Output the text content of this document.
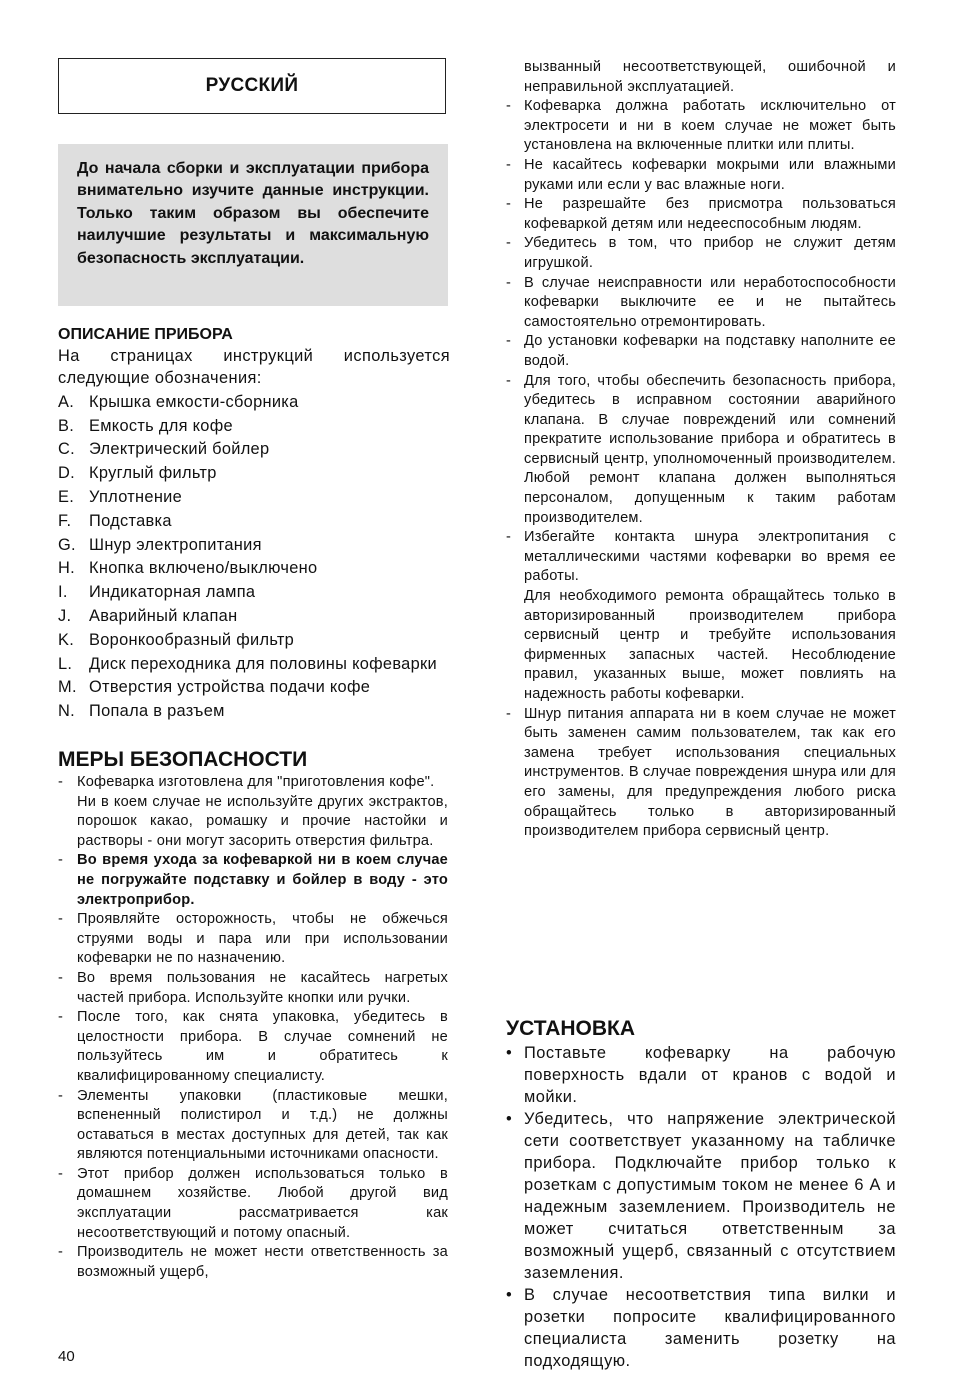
РУССКИЙ
До начала сборки и эксплуатации прибора внимательно изучите данные инструкции. Только таким образом вы обеспечите наилучшие результаты и максимальную безопасность эксплуатации.

ОПИСАНИЕ ПРИБОРА

На страницах инструкций используется следующие обозначения:

A. Крышка емкости-сборника
B. Емкость для кофе
C. Электрический бойлер
D. Круглый фильтр
E. Уплотнение
F.	Подставка
G. Шнур электропитания
H. Кнопка включено/выключено
I.	Индикаторная лампа
J.	Аварийный клапан
K. Воронкообразный фильтр
L.	Диск переходника для половины кофеварки
M. Отверстия устройства подачи кофе
N. Попала в разъем

МЕРЫ БЕЗОПАСНОСТИ

- Кофеварка изготовлена для "приготовления кофе".
Ни в коем случае не используйте других экстрактов, порошок какао, ромашку и прочие настойки и растворы - они могут засорить отверстия фильтра.
- Во время ухода за кофеваркой ни в коем случае не погружайте подставку и бойлер в воду - это электроприбор.
- Проявляйте осторожность, чтобы не обжечься струями воды и пара или при использовании кофеварки не по назначению.
- Во время пользования не касайтесь нагретых частей прибора. Используйте кнопки или ручки.
- После того, как снята упаковка, убедитесь в целостности прибора. В случае сомнений не пользуйтесь им и обратитесь к квалифицированному специалисту.
- Элементы упаковки (пластиковые мешки, вспененный полистирол и т.д.) не должны оставаться в местах доступных для детей, так как являются потенциальными источниками опасности.
- Этот прибор должен использоваться только в домашнем хозяйстве. Любой другой вид эксплуатации рассматривается как несоответствующий и потому опасный.
- Производитель не может нести ответственность за возможный ущерб,
вызванный несоответствующей, ошибочной и неправильной эксплуатацией.
- Кофеварка должна работать исключительно от электросети и ни в коем случае не может быть установлена на включенные плитки или плиты.
- Не касайтесь кофеварки мокрыми или влажными руками или если у вас влажные ноги.
- Не разрешайте без присмотра пользоваться кофеваркой детям или недееспособным людям.
- Убедитесь в том, что прибор не служит детям игрушкой.
- В случае неисправности или неработоспособности кофеварки выключите ее и не пытайтесь самостоятельно отремонтировать.
- До установки кофеварки на подставку наполните ее водой.
- Для того, чтобы обеспечить безопасность прибора, убедитесь в исправном состоянии аварийного клапана. В случае повреждений или сомнений прекратите использование прибора и обратитесь в сервисный центр, уполномоченный производителем. Любой ремонт клапана должен выполняться персоналом, допущенным к таким работам производителем.
- Избегайте контакта шнура электропитания с металлическими частями кофеварки во время ее работы.
Для необходимого ремонта обращайтесь только в авторизированный производителем прибора сервисный центр и требуйте использования фирменных запасных частей. Несоблюдение правил, указанных выше, может повлиять на надежность работы кофеварки.
- Шнур питания аппарата ни в коем случае не может быть заменен самим пользователем, так как его замена требует использования специальных инструментов. В случае повреждения шнура или для его замены, для предупреждения любого риска обращайтесь только в авторизированный производителем прибора сервисный центр.

УСТАНОВКА

• Поставьте кофеварку на рабочую поверхность вдали от кранов с водой и мойки.
• Убедитесь, что напряжение электрической сети соответствует указанному на табличке прибора. Подключайте прибор только к розеткам с допустимым током не менее 6 А и надежным заземлением. Производитель не может считаться ответственным за возможный ущерб, связанный с отсутствием заземления.
• В случае несоответствия типа вилки и розетки попросите квалифицированного специалиста заменить розетку на подходящую.
40
